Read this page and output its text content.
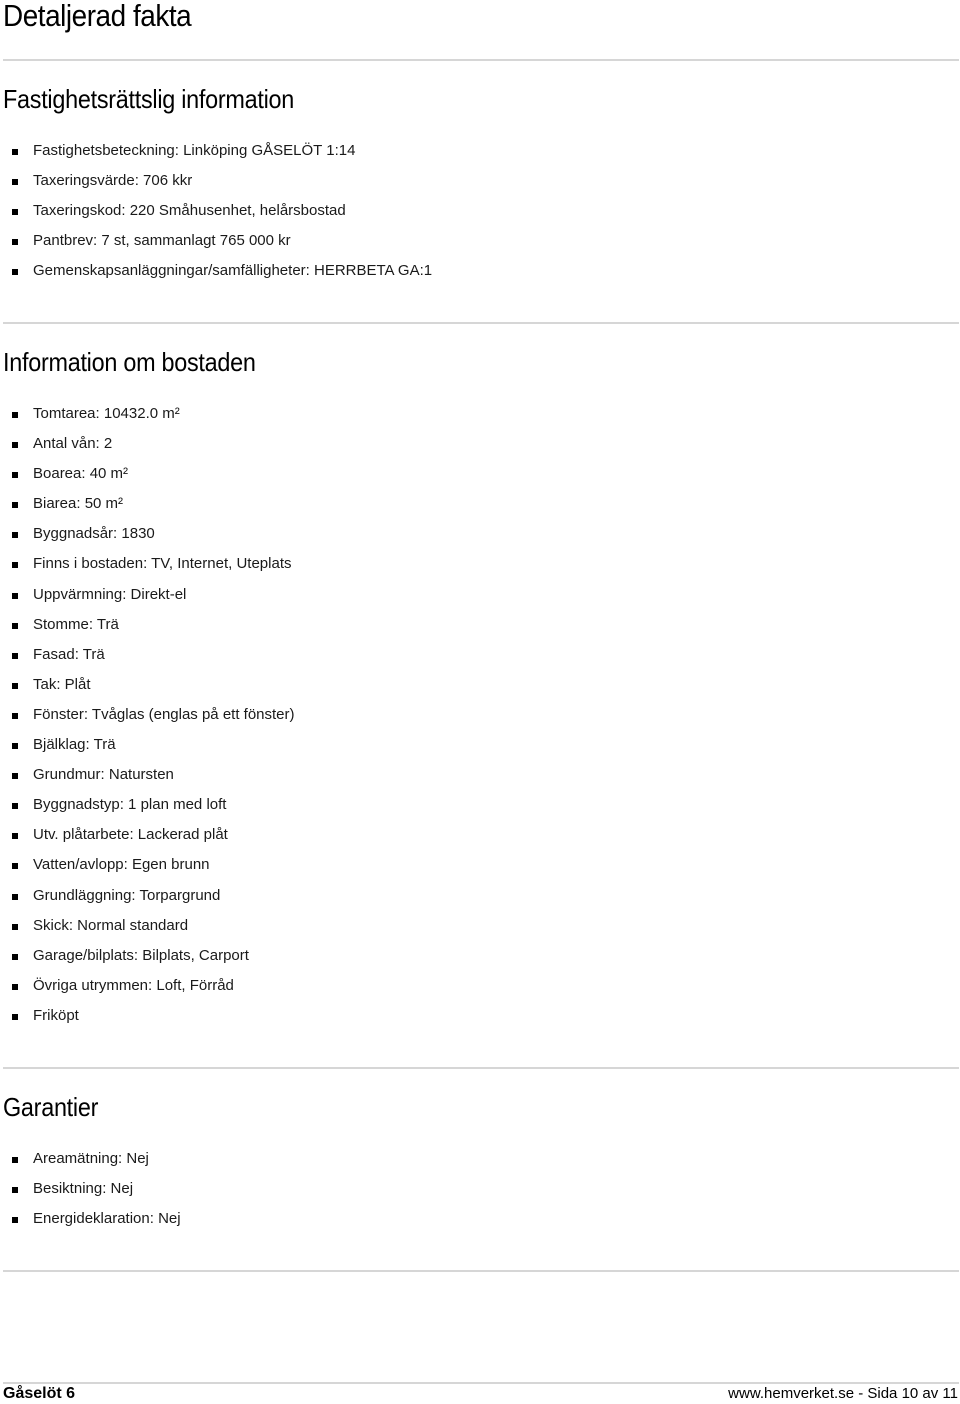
Detaljerad fakta
Fastighetsrättslig information
Fastighetsbeteckning: Linköping GÅSELÖT 1:14
Taxeringsvärde: 706 kkr
Taxeringskod: 220 Småhusenhet, helårsbostad
Pantbrev: 7 st, sammanlagt 765 000 kr
Gemenskapsanläggningar/samfälligheter: HERRBETA GA:1
Information om bostaden
Tomtarea: 10432.0 m²
Antal vån: 2
Boarea: 40 m²
Biarea: 50 m²
Byggnadsår: 1830
Finns i bostaden: TV, Internet, Uteplats
Uppvärmning: Direkt-el
Stomme: Trä
Fasad: Trä
Tak: Plåt
Fönster: Tvåglas (englas på ett fönster)
Bjälklag: Trä
Grundmur: Natursten
Byggnadstyp: 1 plan med loft
Utv. plåtarbete: Lackerad plåt
Vatten/avlopp: Egen brunn
Grundläggning: Torpargrund
Skick: Normal standard
Garage/bilplats: Bilplats, Carport
Övriga utrymmen: Loft, Förråd
Friköpt
Garantier
Areamätning: Nej
Besiktning: Nej
Energideklaration: Nej
Gåselöt 6	www.hemverket.se - Sida 10 av 11
